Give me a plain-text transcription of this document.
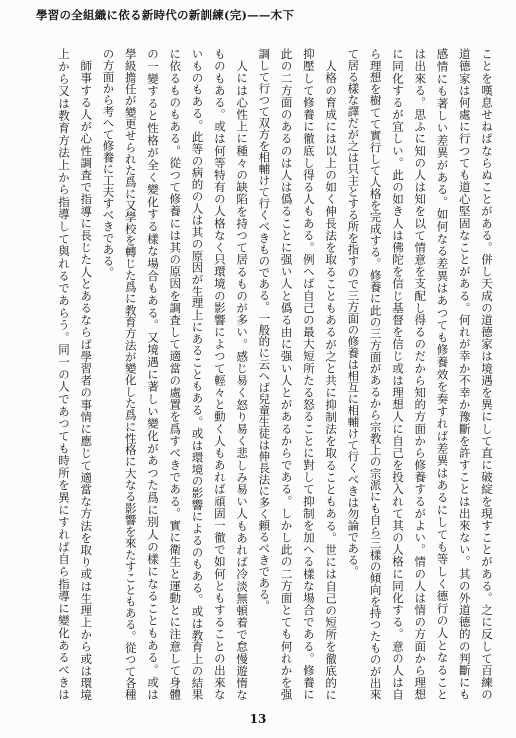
學習の全組織に依る新時代の新訓練(完)——木下
ことを嘆息せねばならぬことがある。併し天成の道德家は境遇を異にして直に破綻を現すことがある。之に反して百練の
道德家は何處に行つても道心堅固なことがある。何れが幸か不幸か豫斷を許すことは出來ない。其の外道德的の判斷にも
感情にも著しい差異がある。如何なる差異はあつても修養效を奏すれば差異はあるにしても等しく德行の人となること
は出來る。思ふに知の人は知を以て情意を支配し得るのだから知的方面から修養するがよい。情の人は情の方面から理想
に同化するが宜しい。此の如き人は佛陀を信じ基督を信じ或は理想人に自己を投入れて其の人格に同化する。意の人は自
ら理想を樹てて實行して人格を完成する。修養に此の三方面があるから宗教上の宗派にも自ら三樣の傾向を持つたものが出來
て居る樣な譯だが之は只主とする所を指すので三方面の修養は相互に相輔けて行くべきは勿論である。
人格の育成には以上の如く伸長法を取ることもあるが之と共に抑制法を取ることもある。世には自己の短所を徹底的に
抑壓して修養に徹底し得る人もある。例へば自己の最大短所たる怒ることに對して抑制を加へる樣な場合である。修養に
此の二方面のあるのは人は僞ることに强い人と僞る由に强い人とがあるからである。しかし此の二方面とても何れかを强
調して行つて双方を相輔けて行くべきものである。一般的に云へば兒童生徒は伸長法に多く頼るべきである。
人には心性上に種々の缺陷を持つて居るものが多い。感じ易く怒り易く悲しみ易い人もあれば冷淡無頓着で怠慢遊惰な
ものもある。或は何等特有の人格なく只環境の影響によつて輕々と動く人もあれば頑固一徹で如何ともすることの出來な
いものもある。此等の病的の人は其の原因が生理上にあることもある。或は環境の影響によるのもある。或は教育上の結果
に依るものもある。從つて修養には其の原因を調査して適當の處置を爲すべきである。實に衛生と運動とに注意して身體
の一變すると性格が全く變化する樣な場合もある。又境遇に著しい變化があつた爲に別人の樣になることもある。或は
學級擔任が變更せられた爲に又學校を轉じた爲に教育方法が變化した爲に性格に大なる影響を來たすこともある。從つて各種
の方面から考へて修養に工夫すべきである。
師事する人が心性調査で指導に長じた人とあるならば學習者の事情に應じて適當な方法を取り或は生理上から或は環境
上から又は教育方法上から指導して與れるであらう。同一の人であつても時所を異にすれば自ら指導に變化あるべきは
13
